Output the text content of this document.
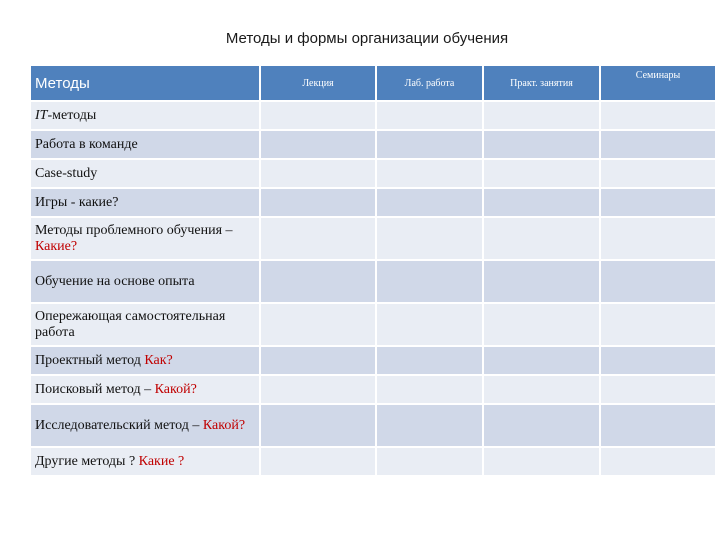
Методы и формы организации обучения
Методы	Лекция	Лаб. работа	Практ. занятия	Семинары
IT-методы				
Работа в команде				
Case-study				
Игры - какие?				
Методы проблемного обучения –Какие?				
Обучение на основе опыта				
Опережающая самостоятельная работа				
Проектный метод Как?				
Поисковый метод – Какой?				
Исследовательский метод – Какой?				
Другие методы ? Какие ?				
